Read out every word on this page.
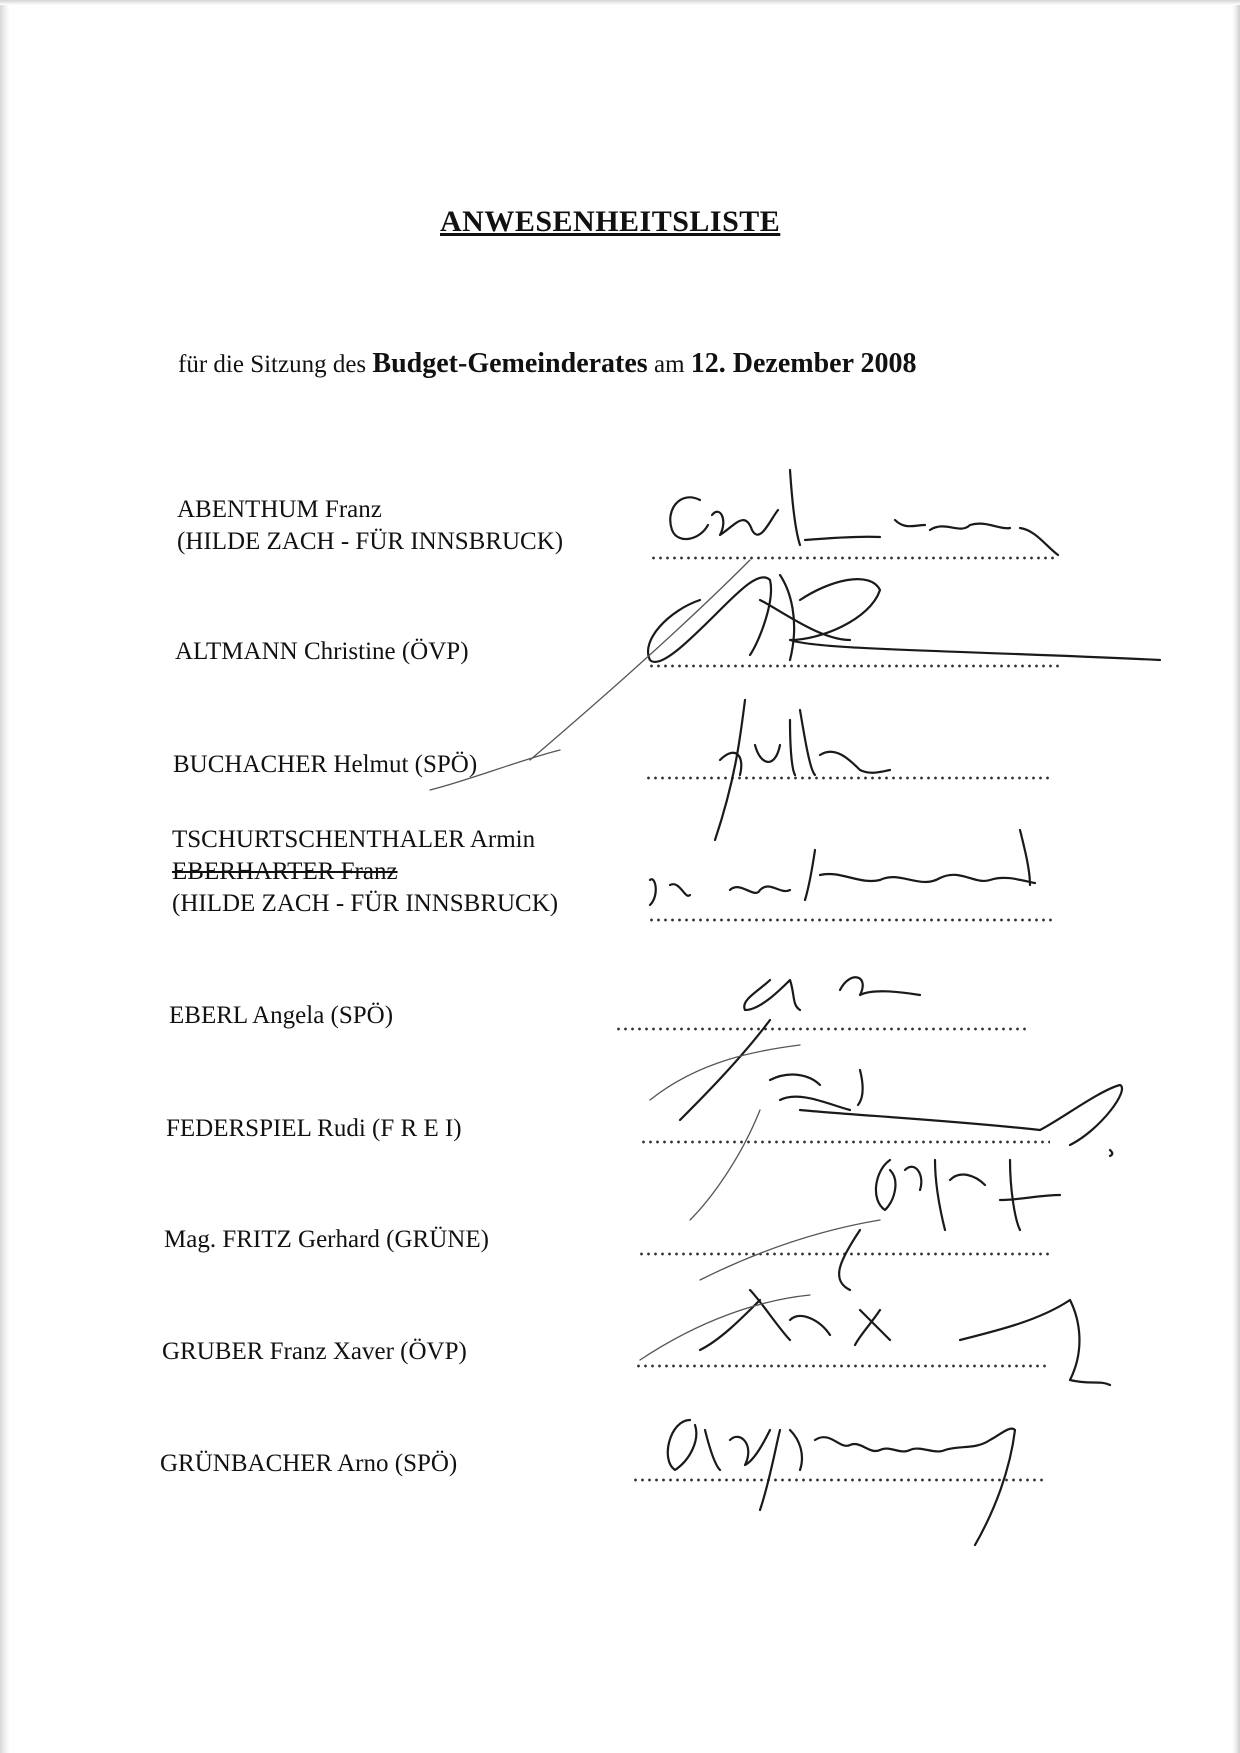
ANWESENHEITSLISTE
für die Sitzung des Budget-Gemeinderates am 12. Dezember 2008
ABENTHUM Franz
(HILDE ZACH - FÜR INNSBRUCK)
ALTMANN Christine (ÖVP)
BUCHACHER Helmut (SPÖ)
TSCHURTSCHENTHALER Armin
EBERHARTER Franz
(HILDE ZACH - FÜR INNSBRUCK)
EBERL Angela (SPÖ)
FEDERSPIEL Rudi (F R E I)
Mag. FRITZ Gerhard (GRÜNE)
GRUBER Franz Xaver (ÖVP)
GRÜNBACHER Arno (SPÖ)
